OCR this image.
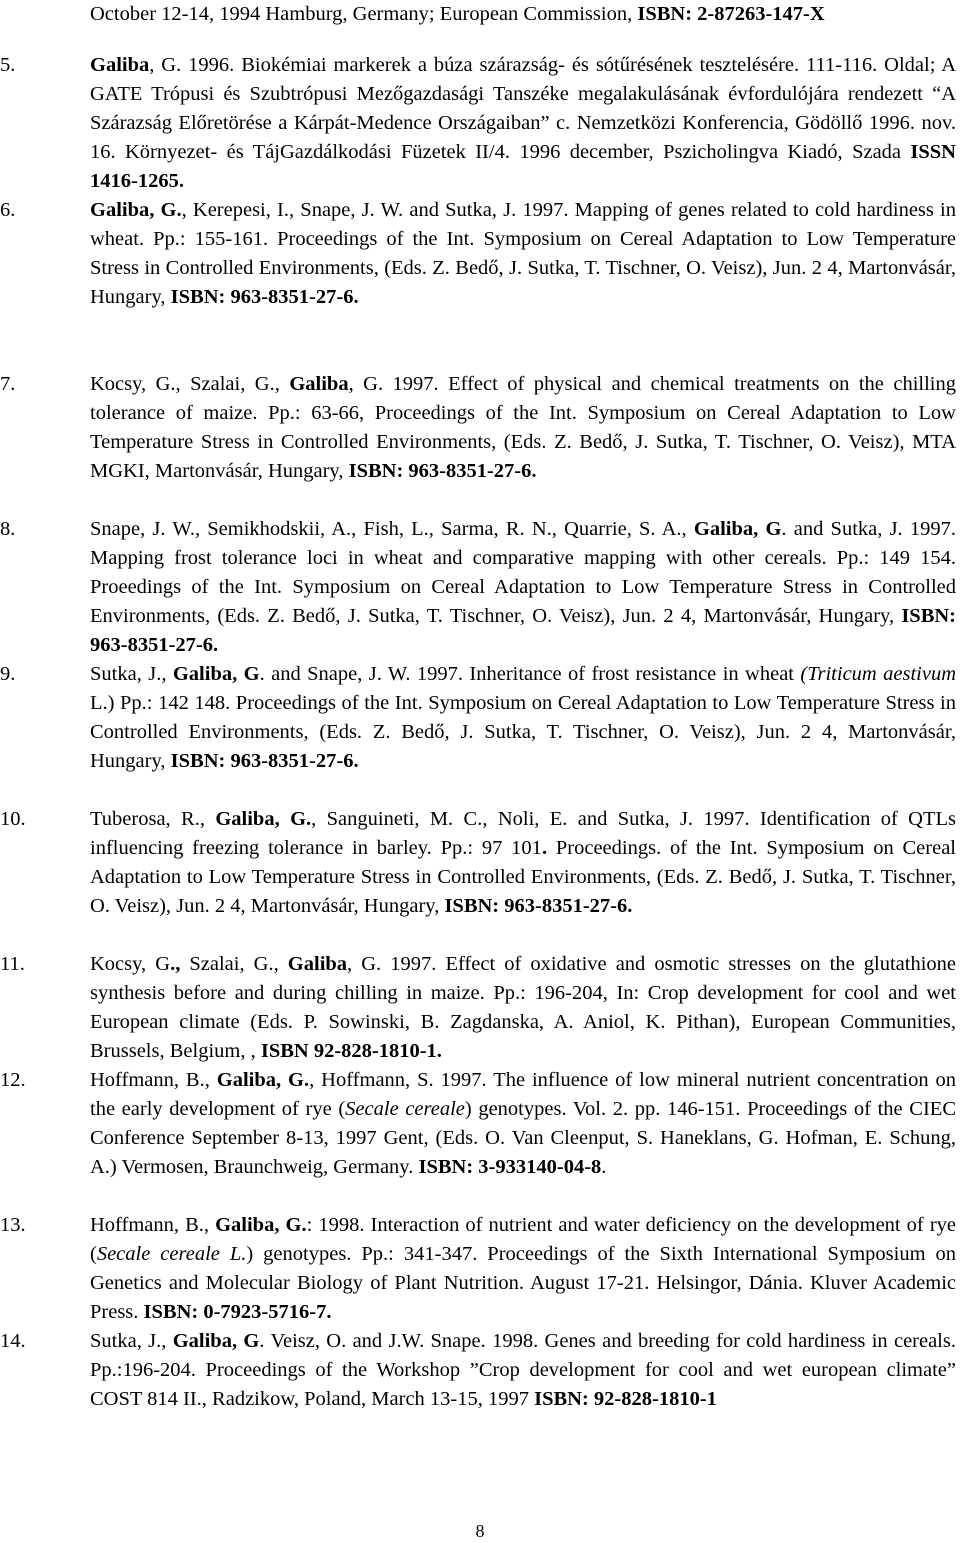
October 12-14, 1994 Hamburg, Germany; European Commission, ISBN: 2-87263-147-X
5.	Galiba, G. 1996. Biokémiai markerek a búza szárazság- és sótűrésének tesztelésére. 111-116. Oldal; A GATE Trópusi és Szubtrópusi Mezőgazdasági Tanszéke megalakulásának évfordulójára rendezett “A Szárazság Előretörése a Kárpát-Medence Országaiban” c. Nemzetközi Konferencia, Gödöllő 1996. nov. 16. Környezet- és TájGazdálkodási Füzetek II/4. 1996 december, Pszicholingva Kiadó, Szada ISSN 1416-1265.
6.	Galiba, G., Kerepesi, I., Snape, J. W. and Sutka, J. 1997. Mapping of genes related to cold hardiness in wheat. Pp.: 155-161. Proceedings of the Int. Symposium on Cereal Adaptation to Low Temperature Stress in Controlled Environments, (Eds. Z. Bedő, J. Sutka, T. Tischner, O. Veisz), Jun. 2 4, Martonvásár, Hungary, ISBN: 963-8351-27-6.
7.	Kocsy, G., Szalai, G., Galiba, G. 1997. Effect of physical and chemical treatments on the chilling tolerance of maize. Pp.: 63-66, Proceedings of the Int. Symposium on Cereal Adaptation to Low Temperature Stress in Controlled Environments, (Eds. Z. Bedő, J. Sutka, T. Tischner, O. Veisz), MTA MGKI, Martonvásár, Hungary, ISBN: 963-8351-27-6.
8.	Snape, J. W., Semikhodskii, A., Fish, L., Sarma, R. N., Quarrie, S. A., Galiba, G. and Sutka, J. 1997. Mapping frost tolerance loci in wheat and comparative mapping with other cereals. Pp.: 149 154. Proeedings of the Int. Symposium on Cereal Adaptation to Low Temperature Stress in Controlled Environments, (Eds. Z. Bedő, J. Sutka, T. Tischner, O. Veisz), Jun. 2 4, Martonvásár, Hungary, ISBN: 963-8351-27-6.
9.	Sutka, J., Galiba, G. and Snape, J. W. 1997. Inheritance of frost resistance in wheat (Triticum aestivum L.) Pp.: 142 148. Proceedings of the Int. Symposium on Cereal Adaptation to Low Temperature Stress in Controlled Environments, (Eds. Z. Bedő, J. Sutka, T. Tischner, O. Veisz), Jun. 2 4, Martonvásár, Hungary, ISBN: 963-8351-27-6.
10.	Tuberosa, R., Galiba, G., Sanguineti, M. C., Noli, E. and Sutka, J. 1997. Identification of QTLs influencing freezing tolerance in barley. Pp.: 97 101. Proceedings. of the Int. Symposium on Cereal Adaptation to Low Temperature Stress in Controlled Environments, (Eds. Z. Bedő, J. Sutka, T. Tischner, O. Veisz), Jun. 2 4, Martonvásár, Hungary, ISBN: 963-8351-27-6.
11.	Kocsy, G., Szalai, G., Galiba, G. 1997. Effect of oxidative and osmotic stresses on the glutathione synthesis before and during chilling in maize. Pp.: 196-204, In: Crop development for cool and wet European climate (Eds. P. Sowinski, B. Zagdanska, A. Aniol, K. Pithan), European Communities, Brussels, Belgium, , ISBN 92-828-1810-1.
12.	Hoffmann, B., Galiba, G., Hoffmann, S. 1997. The influence of low mineral nutrient concentration on the early development of rye (Secale cereale) genotypes. Vol. 2. pp. 146-151. Proceedings of the CIEC Conference September 8-13, 1997 Gent, (Eds. O. Van Cleenput, S. Haneklans, G. Hofman, E. Schung, A.) Vermosen, Braunchweig, Germany. ISBN: 3-933140-04-8.
13.	Hoffmann, B., Galiba, G.: 1998. Interaction of nutrient and water deficiency on the development of rye (Secale cereale L.) genotypes. Pp.: 341-347. Proceedings of the Sixth International Symposium on Genetics and Molecular Biology of Plant Nutrition. August 17-21. Helsingor, Dánia. Kluver Academic Press. ISBN: 0-7923-5716-7.
14.	Sutka, J., Galiba, G. Veisz, O. and J.W. Snape. 1998. Genes and breeding for cold hardiness in cereals. Pp.:196-204. Proceedings of the Workshop ”Crop development for cool and wet european climate” COST 814 II., Radzikow, Poland, March 13-15, 1997 ISBN: 92-828-1810-1
8
